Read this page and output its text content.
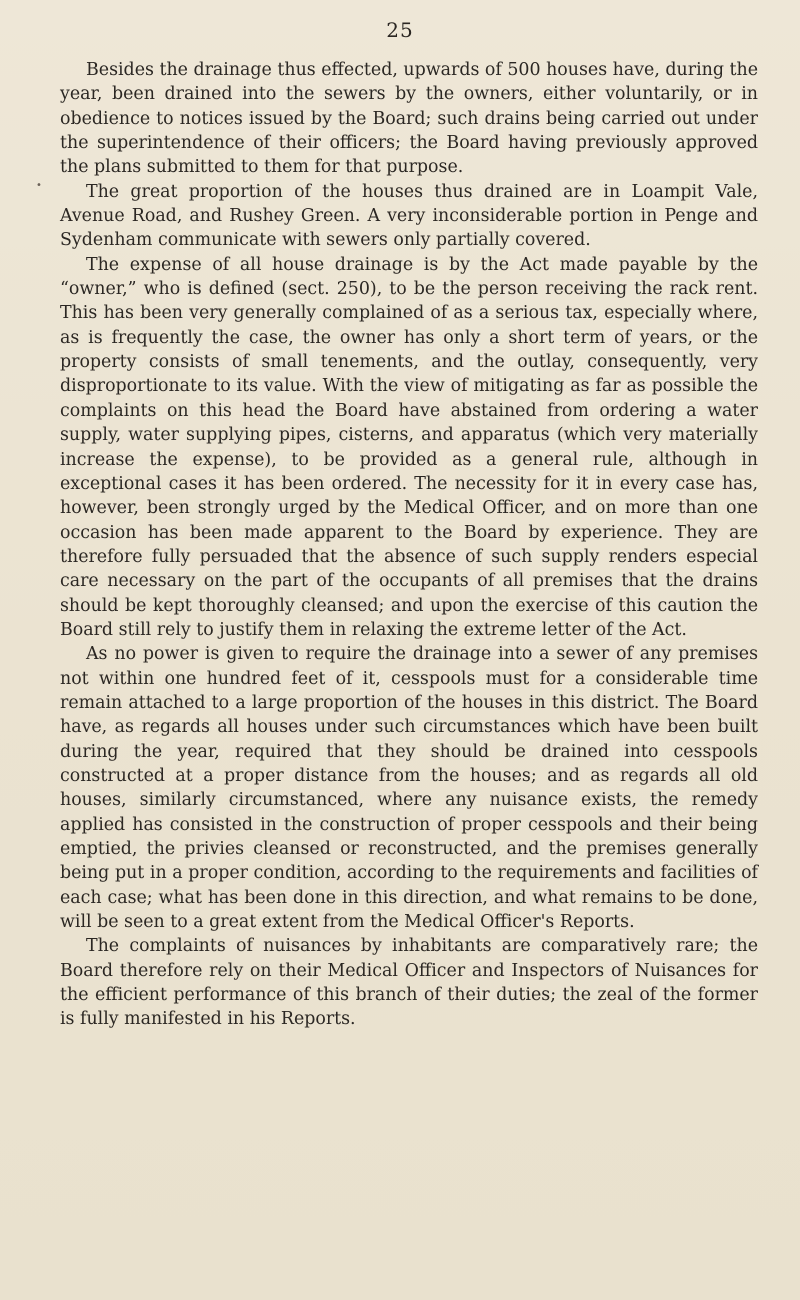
25
•

Besides the drainage thus effected, upwards of 500 houses have, during the year, been drained into the sewers by the owners, either voluntarily, or in obedience to notices issued by the Board; such drains being carried out under the superintendence of their officers; the Board having previously approved the plans submitted to them for that purpose.

The great proportion of the houses thus drained are in Loampit Vale, Avenue Road, and Rushey Green. A very inconsiderable portion in Penge and Sydenham communicate with sewers only partially covered.

The expense of all house drainage is by the Act made payable by the “owner,” who is defined (sect. 250), to be the person receiving the rack rent. This has been very generally complained of as a serious tax, especially where, as is frequently the case, the owner has only a short term of years, or the property consists of small tenements, and the outlay, consequently, very disproportionate to its value. With the view of mitigating as far as possible the complaints on this head the Board have abstained from ordering a water supply, water supplying pipes, cisterns, and apparatus (which very materially increase the expense), to be provided as a general rule, although in exceptional cases it has been ordered. The necessity for it in every case has, however, been strongly urged by the Medical Officer, and on more than one occasion has been made apparent to the Board by experience. They are therefore fully persuaded that the absence of such supply renders especial care necessary on the part of the occupants of all premises that the drains should be kept thoroughly cleansed; and upon the exercise of this caution the Board still rely to justify them in relaxing the extreme letter of the Act.

As no power is given to require the drainage into a sewer of any premises not within one hundred feet of it, cesspools must for a considerable time remain attached to a large proportion of the houses in this district. The Board have, as regards all houses under such circumstances which have been built during the year, required that they should be drained into cesspools constructed at a proper distance from the houses; and as regards all old houses, similarly circumstanced, where any nuisance exists, the remedy applied has consisted in the construction of proper cesspools and their being emptied, the privies cleansed or reconstructed, and the premises generally being put in a proper condition, according to the requirements and facilities of each case; what has been done in this direction, and what remains to be done, will be seen to a great extent from the Medical Officer's Reports.

The complaints of nuisances by inhabitants are comparatively rare; the Board therefore rely on their Medical Officer and Inspectors of Nuisances for the efficient performance of this branch of their duties; the zeal of the former is fully manifested in his Reports.
